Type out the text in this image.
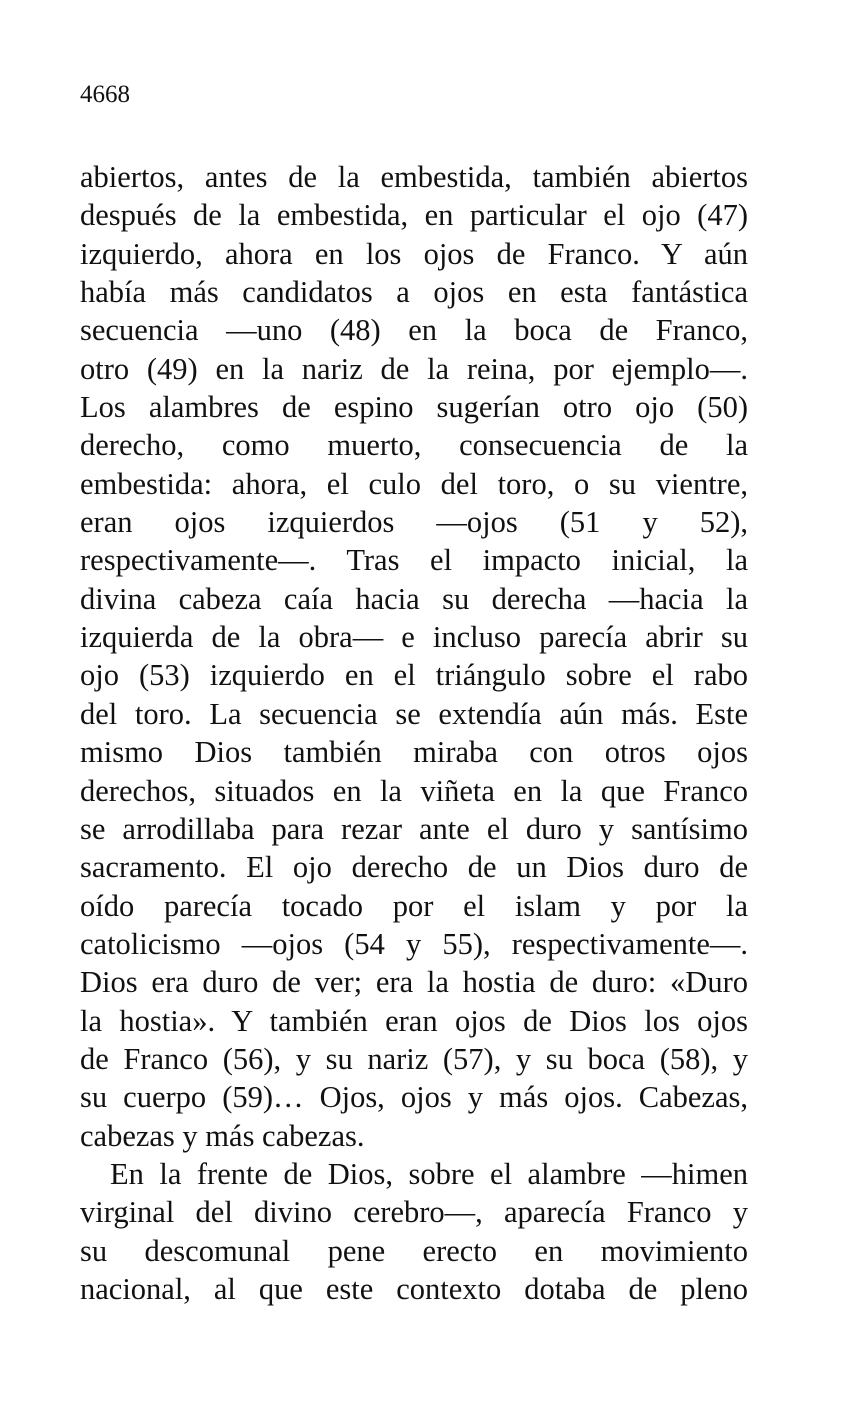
4668
abiertos, antes de la embestida, también abiertos
después de la embestida, en particular el ojo (47)
izquierdo, ahora en los ojos de Franco. Y aún
había más candidatos a ojos en esta fantástica
secuencia —uno (48) en la boca de Franco,
otro (49) en la nariz de la reina, por ejemplo—.
Los alambres de espino sugerían otro ojo (50)
derecho, como muerto, consecuencia de la
embestida: ahora, el culo del toro, o su vientre,
eran ojos izquierdos —ojos (51 y 52),
respectivamente—. Tras el impacto inicial, la
divina cabeza caía hacia su derecha —hacia la
izquierda de la obra— e incluso parecía abrir su
ojo (53) izquierdo en el triángulo sobre el rabo
del toro. La secuencia se extendía aún más. Este
mismo Dios también miraba con otros ojos
derechos, situados en la viñeta en la que Franco
se arrodillaba para rezar ante el duro y santísimo
sacramento. El ojo derecho de un Dios duro de
oído parecía tocado por el islam y por la
catolicismo —ojos (54 y 55), respectivamente—.
Dios era duro de ver; era la hostia de duro: «Duro
la hostia». Y también eran ojos de Dios los ojos
de Franco (56), y su nariz (57), y su boca (58), y
su cuerpo (59)… Ojos, ojos y más ojos. Cabezas,
cabezas y más cabezas.
En la frente de Dios, sobre el alambre —himen
virginal del divino cerebro—, aparecía Franco y
su descomunal pene erecto en movimiento
nacional, al que este contexto dotaba de pleno
